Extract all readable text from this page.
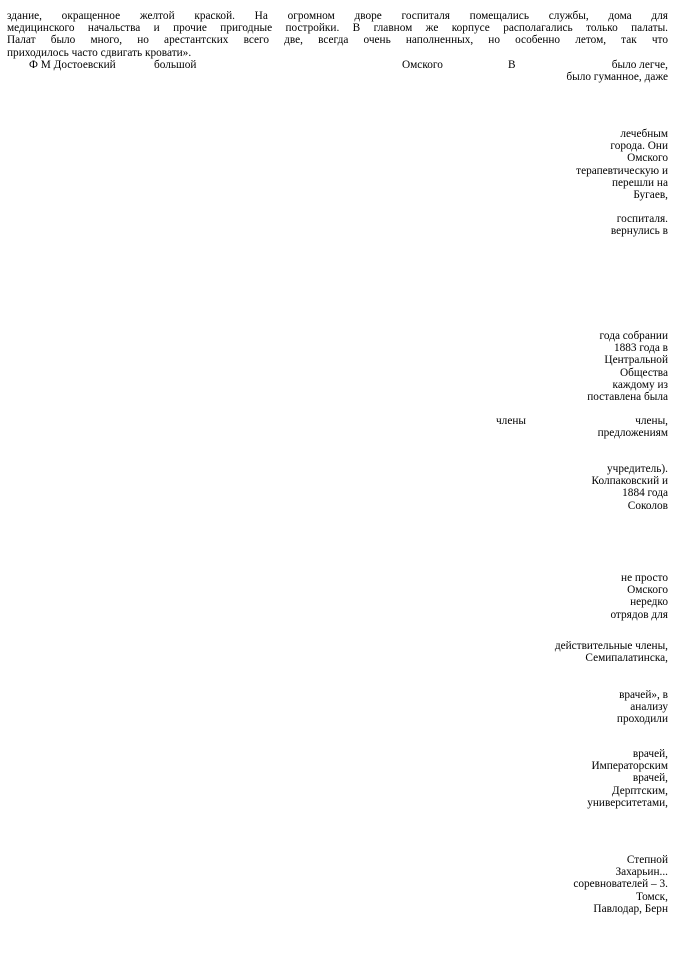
здание, окращенное желтой краской. На огромном дворе госпиталя помещались службы, дома для
медицинского начальства и прочие пригодные постройки. В главном же корпусе располагались только палаты.
Палат было много, но арестантских всего две, всегда очень наполненных, но особенно летом, так что
приходилось часто сдвигать кровати».

Ф М Достоевский	большой	Омского	В	было легче,
было гуманное, даже
лечебным
города. Они
Омского
терапевтическую и
перешли на
Бугаев,
госпиталя.
вернулись в
года собрании
1883 года в
Центральной
Общества
каждому из
поставлена была
члены	члены,
предложениям
учредитель).
Колпаковский и
1884 года
Соколов
не просто
Омского
нередко
отрядов для
действительные члены,
Семипалатинска,
врачей», в
анализу
проходили
врачей,
Императорским
врачей,
Дерптским,
университетами,
Степной
Захарьин...
соревнователей – 3.
Томск,
Павлодар, Берн
